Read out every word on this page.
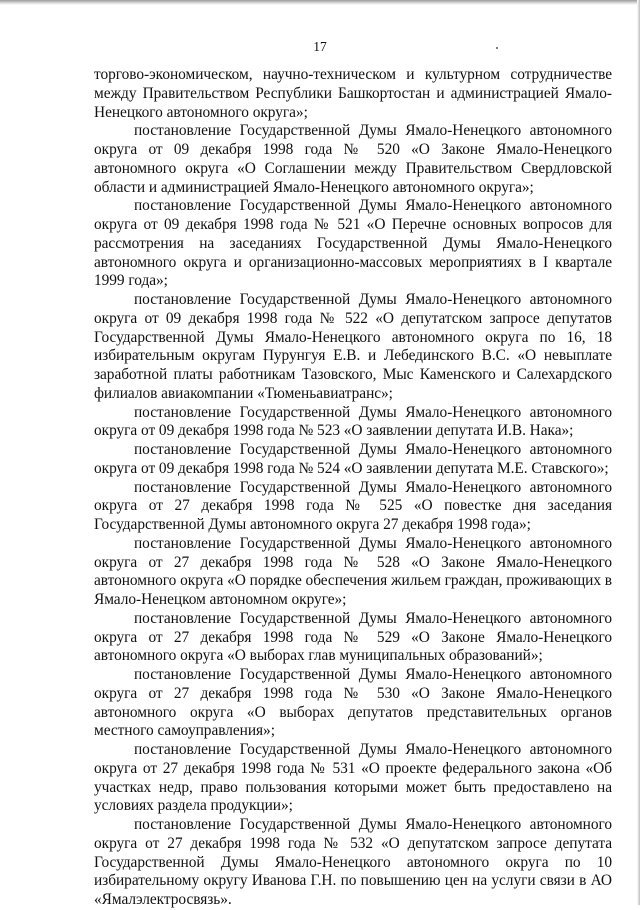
17

торгово-экономическом, научно-техническом и культурном сотрудничестве между Правительством Республики Башкортостан и администрацией Ямало-Ненецкого автономного округа»;

постановление Государственной Думы Ямало-Ненецкого автономного округа от 09 декабря 1998 года № 520 «О Законе Ямало-Ненецкого автономного округа «О Соглашении между Правительством Свердловской области и администрацией Ямало-Ненецкого автономного округа»;

постановление Государственной Думы Ямало-Ненецкого автономного округа от 09 декабря 1998 года № 521 «О Перечне основных вопросов для рассмотрения на заседаниях Государственной Думы Ямало-Ненецкого автономного округа и организационно-массовых мероприятиях в I квартале 1999 года»;

постановление Государственной Думы Ямало-Ненецкого автономного округа от 09 декабря 1998 года № 522 «О депутатском запросе депутатов Государственной Думы Ямало-Ненецкого автономного округа по 16, 18 избирательным округам Пурунгуя Е.В. и Лебединского В.С. «О невыплате заработной платы работникам Тазовского, Мыс Каменского и Салехардского филиалов авиакомпании «Тюменьавиатранс»;

постановление Государственной Думы Ямало-Ненецкого автономного округа от 09 декабря 1998 года № 523 «О заявлении депутата И.В. Нака»;

постановление Государственной Думы Ямало-Ненецкого автономного округа от 09 декабря 1998 года № 524 «О заявлении депутата М.Е. Ставского»;

постановление Государственной Думы Ямало-Ненецкого автономного округа от 27 декабря 1998 года № 525 «О повестке дня заседания Государственной Думы автономного округа 27 декабря 1998 года»;

постановление Государственной Думы Ямало-Ненецкого автономного округа от 27 декабря 1998 года № 528 «О Законе Ямало-Ненецкого автономного округа «О порядке обеспечения жильем граждан, проживающих в Ямало-Ненецком автономном округе»;

постановление Государственной Думы Ямало-Ненецкого автономного округа от 27 декабря 1998 года № 529 «О Законе Ямало-Ненецкого автономного округа «О выборах глав муниципальных образований»;

постановление Государственной Думы Ямало-Ненецкого автономного округа от 27 декабря 1998 года № 530 «О Законе Ямало-Ненецкого автономного округа «О выборах депутатов представительных органов местного самоуправления»;

постановление Государственной Думы Ямало-Ненецкого автономного округа от 27 декабря 1998 года № 531 «О проекте федерального закона «Об участках недр, право пользования которыми может быть предоставлено на условиях раздела продукции»;

постановление Государственной Думы Ямало-Ненецкого автономного округа от 27 декабря 1998 года № 532 «О депутатском запросе депутата Государственной Думы Ямало-Ненецкого автономного округа по 10 избирательному округу Иванова Г.Н. по повышению цен на услуги связи в АО «Ямалэлектросвязь».
